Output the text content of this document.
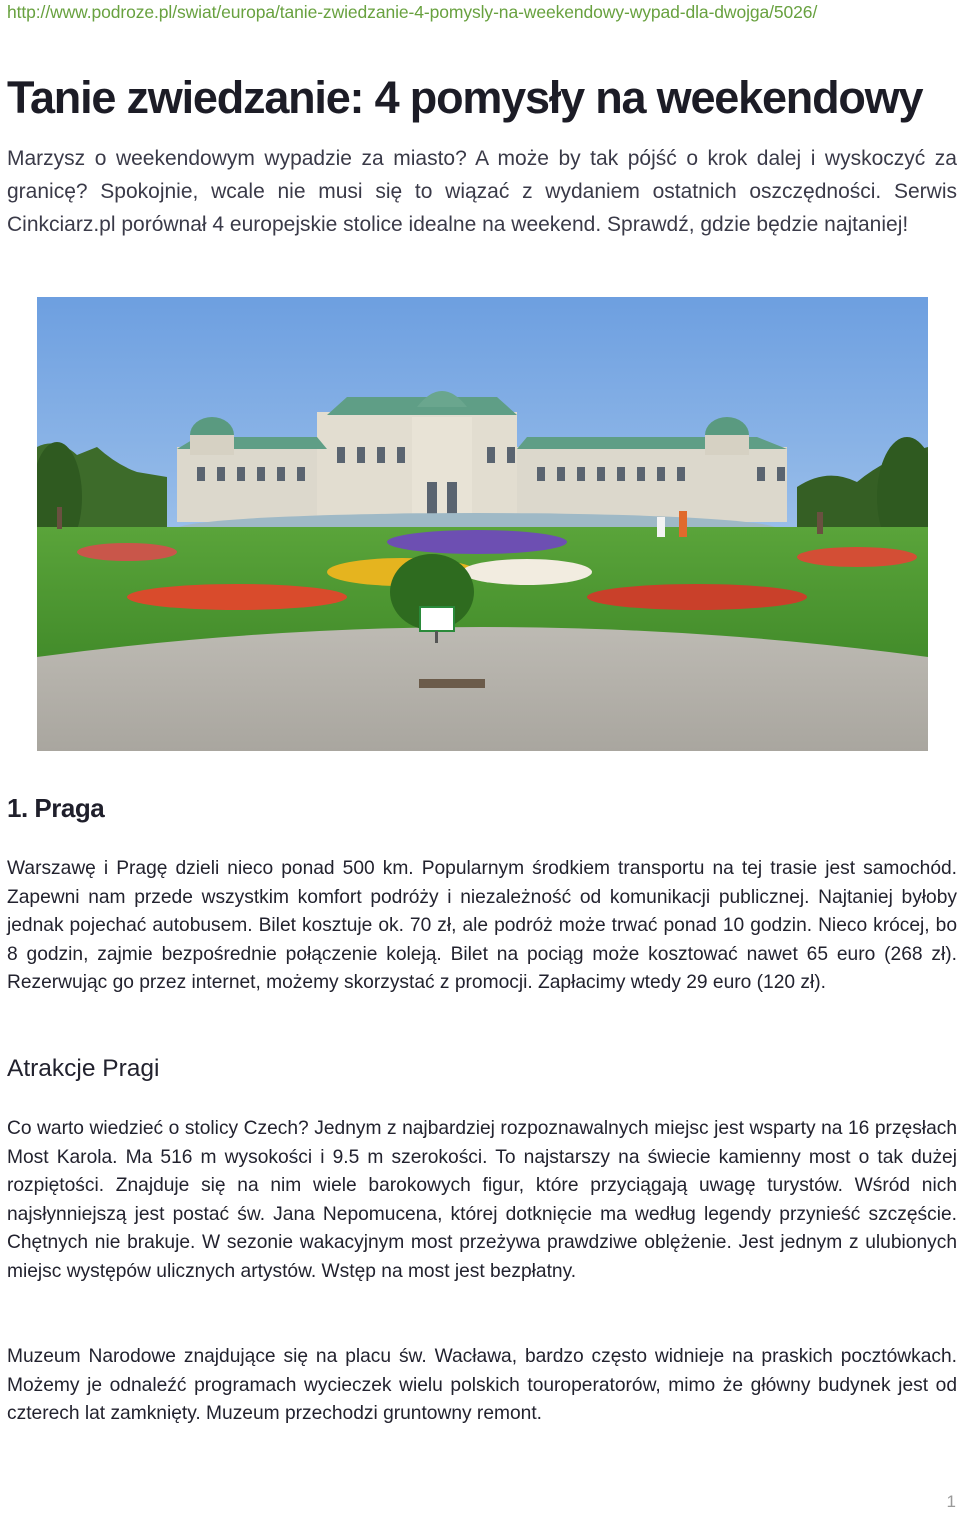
http://www.podroze.pl/swiat/europa/tanie-zwiedzanie-4-pomysly-na-weekendowy-wypad-dla-dwojga/5026/
Tanie zwiedzanie: 4 pomysły na weekendowy

Marzysz o weekendowym wypadzie za miasto? A może by tak pójść o krok dalej i wyskoczyć za granicę? Spokojnie, wcale nie musi się to wiązać z wydaniem ostatnich oszczędności. Serwis Cinkciarz.pl porównał 4 europejskie stolice idealne na weekend. Sprawdź, gdzie będzie najtaniej!

1. Praga

Warszawę i Pragę dzieli nieco ponad 500 km. Popularnym środkiem transportu na tej trasie jest samochód. Zapewni nam przede wszystkim komfort podróży i niezależność od komunikacji publicznej. Najtaniej byłoby jednak pojechać autobusem. Bilet kosztuje ok. 70 zł, ale podróż może trwać ponad 10 godzin. Nieco krócej, bo 8 godzin, zajmie bezpośrednie połączenie koleją. Bilet na pociąg może kosztować nawet 65 euro (268 zł). Rezerwując go przez internet, możemy skorzystać z promocji. Zapłacimy wtedy 29 euro (120 zł).

Atrakcje Pragi

Co warto wiedzieć o stolicy Czech? Jednym z najbardziej rozpoznawalnych miejsc jest wsparty na 16 przęsłach Most Karola. Ma 516 m wysokości i 9.5 m szerokości. To najstarszy na świecie kamienny most o tak dużej rozpiętości. Znajduje się na nim wiele barokowych figur, które przyciągają uwagę turystów. Wśród nich najsłynniejszą jest postać św. Jana Nepomucena, której dotknięcie ma według legendy przynieść szczęście. Chętnych nie brakuje. W sezonie wakacyjnym most przeżywa prawdziwe oblężenie. Jest jednym z ulubionych miejsc występów ulicznych artystów. Wstęp na most jest bezpłatny.

Muzeum Narodowe znajdujące się na placu św. Wacława, bardzo często widnieje na praskich pocztówkach. Możemy je odnaleźć programach wycieczek wielu polskich touroperatorów, mimo że główny budynek jest od czterech lat zamknięty. Muzeum przechodzi gruntowny remont.

1
